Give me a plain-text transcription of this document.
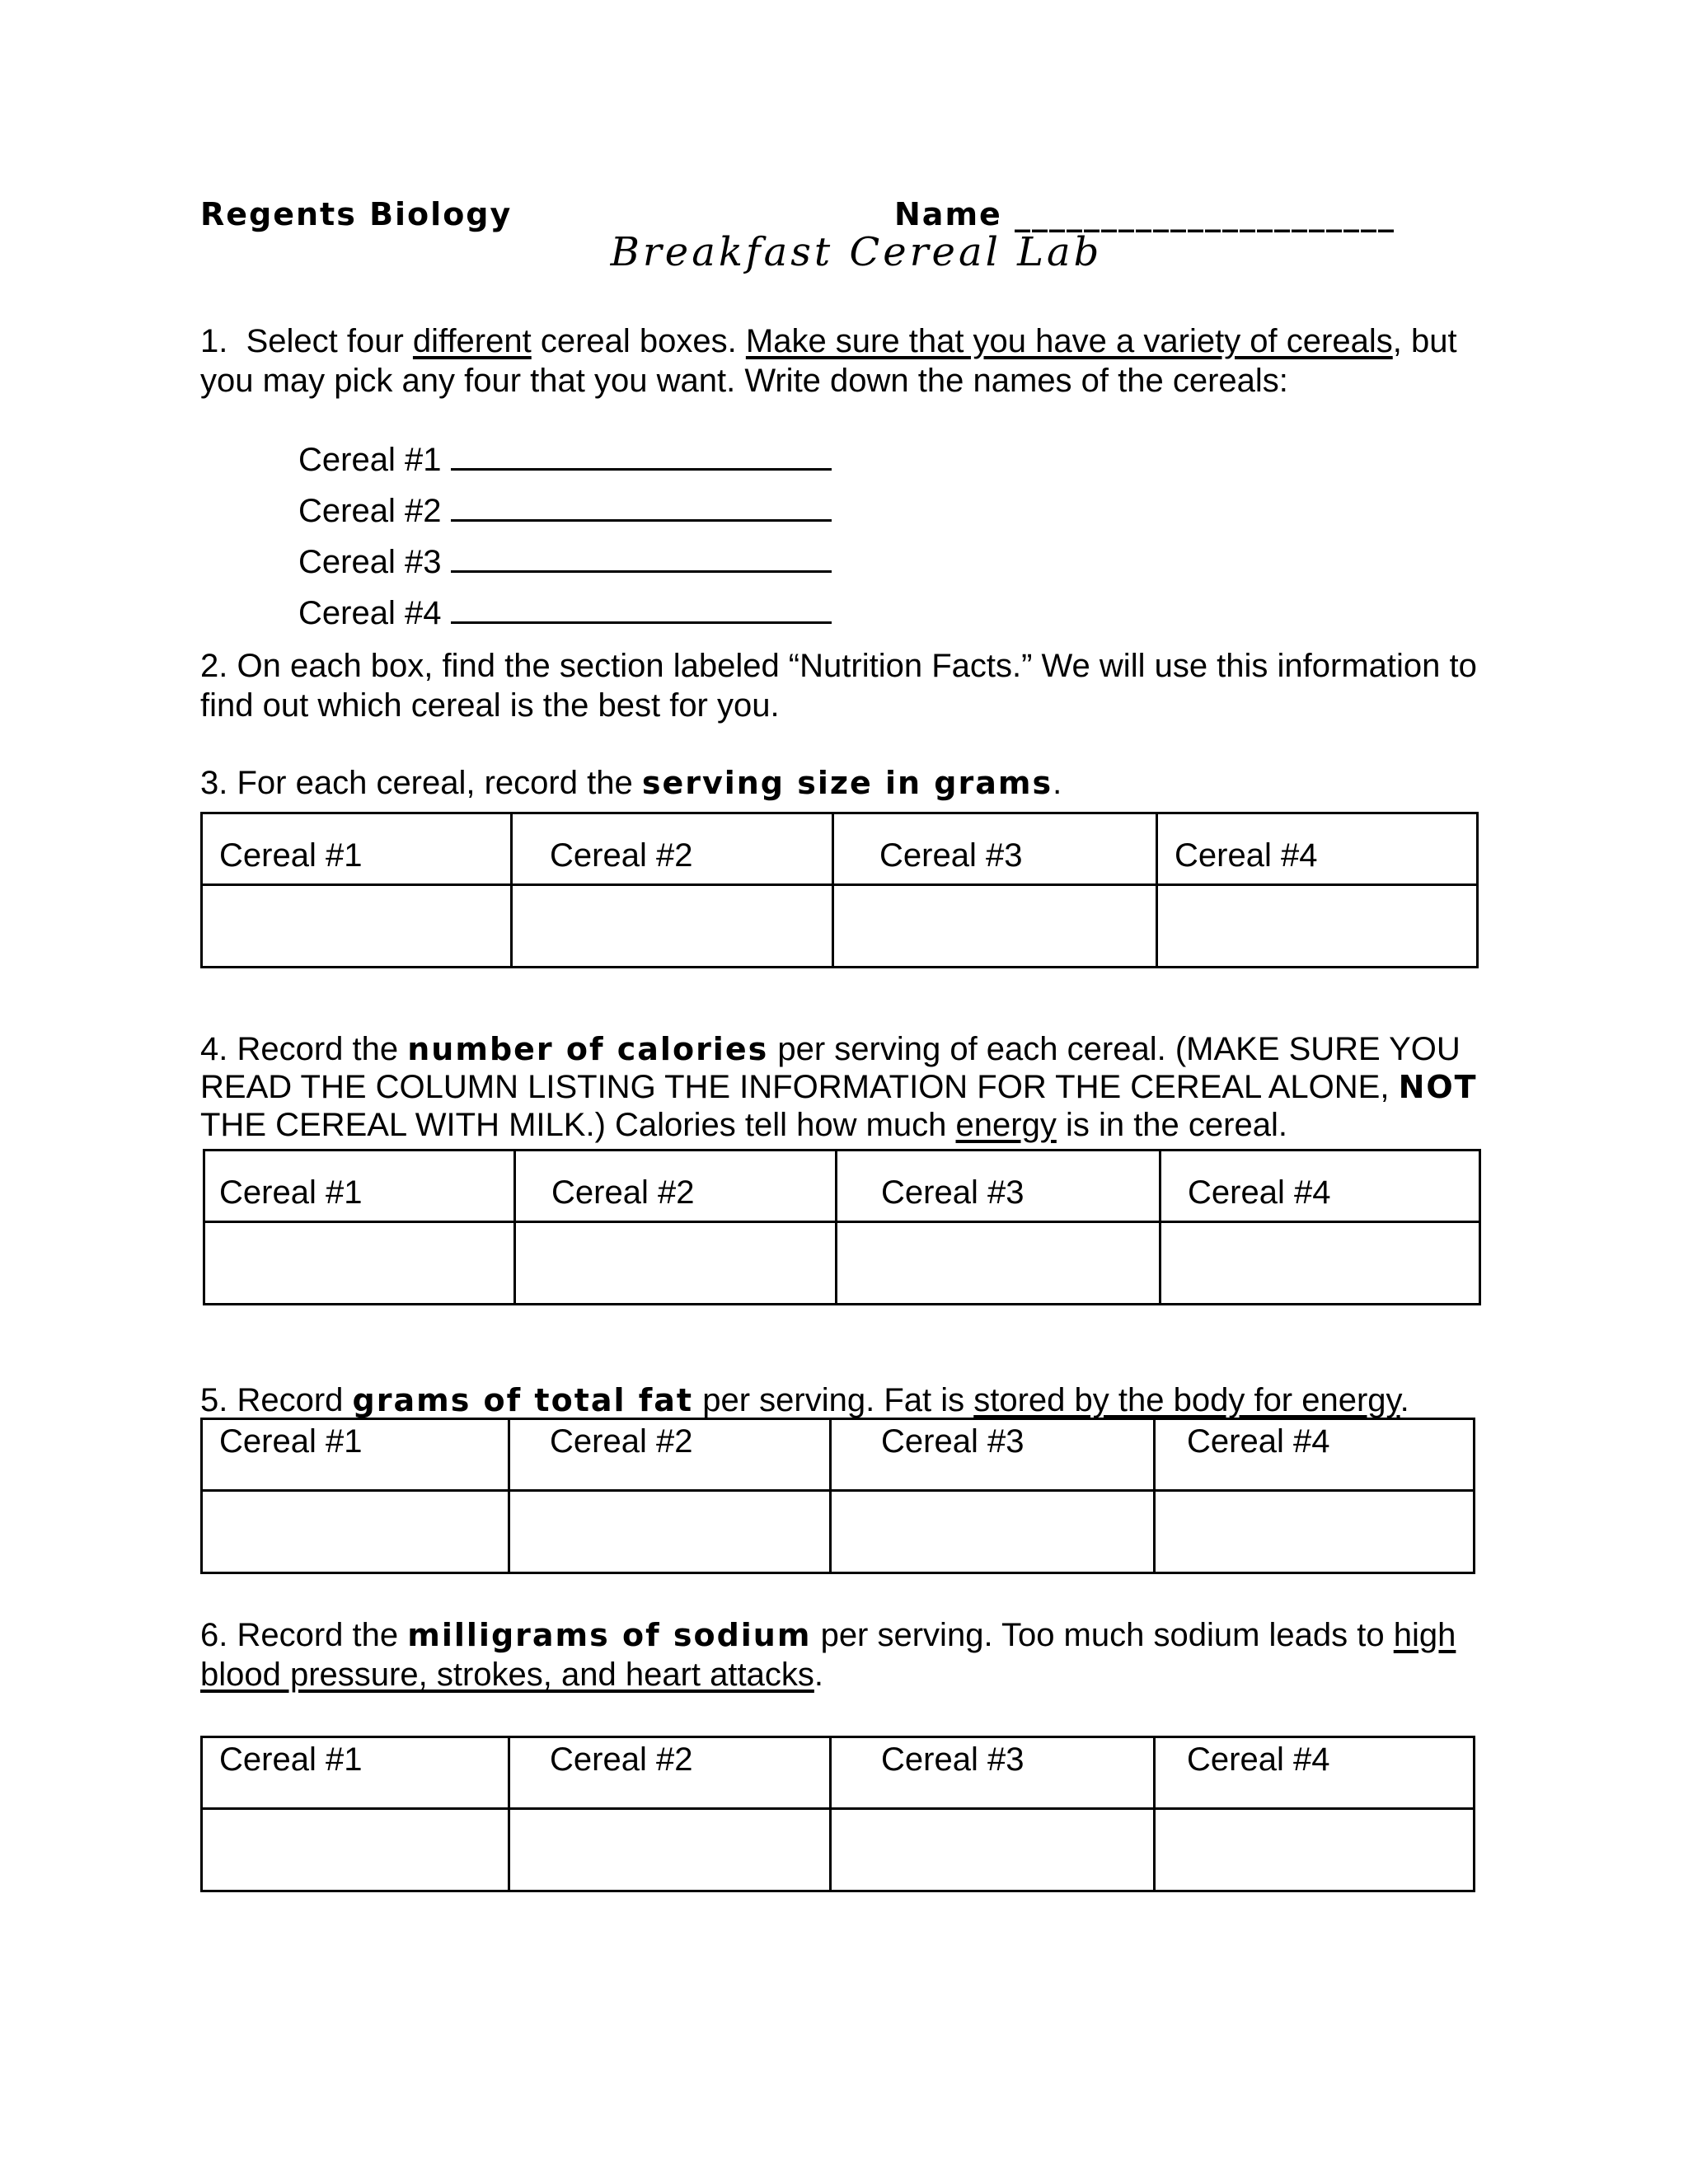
Regents Biology	Name ______________________
Breakfast Cereal Lab
1. Select four different cereal boxes. Make sure that you have a variety of cereals, but you may pick any four that you want. Write down the names of the cereals:
Cereal #1
Cereal #2
Cereal #3
Cereal #4
2. On each box, find the section labeled “Nutrition Facts.” We will use this information to find out which cereal is the best for you.
3. For each cereal, record the serving size in grams.
Cereal #1	Cereal #2	Cereal #3	Cereal #4

4. Record the number of calories per serving of each cereal. (MAKE SURE YOU READ THE COLUMN LISTING THE INFORMATION FOR THE CEREAL ALONE, NOT THE CEREAL WITH MILK.) Calories tell how much energy is in the cereal.
Cereal #1	Cereal #2	Cereal #3	Cereal #4

5. Record grams of total fat per serving. Fat is stored by the body for energy.
Cereal #1	Cereal #2	Cereal #3	Cereal #4

6. Record the milligrams of sodium per serving. Too much sodium leads to high blood pressure, strokes, and heart attacks.
Cereal #1	Cereal #2	Cereal #3	Cereal #4
